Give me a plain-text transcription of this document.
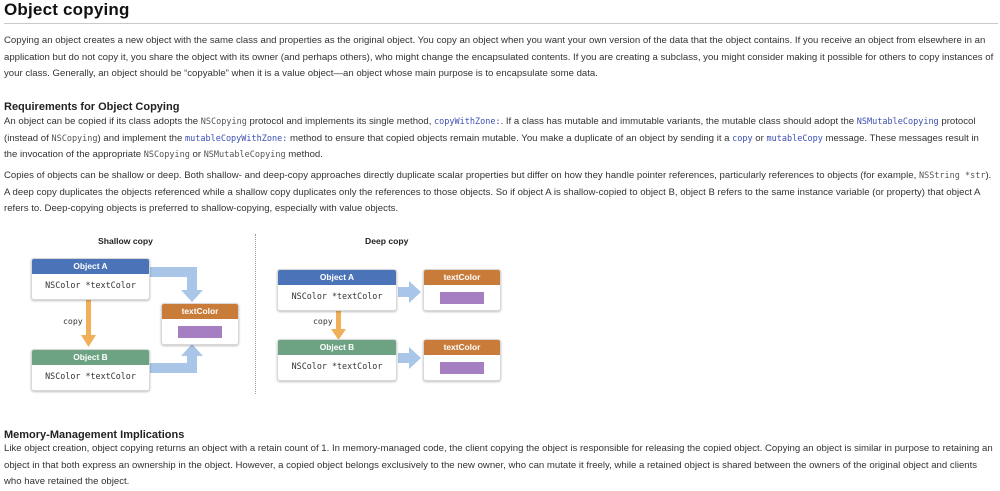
Object copying

Copying an object creates a new object with the same class and properties as the original object. You copy an object when you want your own version of the data that the object contains. If you receive an object from elsewhere in an application but do not copy it, you share the object with its owner (and perhaps others), who might change the encapsulated contents. If you are creating a subclass, you might consider making it possible for others to copy instances of your class. Generally, an object should be “copyable” when it is a value object—an object whose main purpose is to encapsulate some data.

Requirements for Object Copying

An object can be copied if its class adopts the NSCopying protocol and implements its single method, copyWithZone:. If a class has mutable and immutable variants, the mutable class should adopt the NSMutableCopying protocol (instead of NSCopying) and implement the mutableCopyWithZone: method to ensure that copied objects remain mutable. You make a duplicate of an object by sending it a copy or mutableCopy message. These messages result in the invocation of the appropriate NSCopying or NSMutableCopying method.

Copies of objects can be shallow or deep. Both shallow- and deep-copy approaches directly duplicate scalar properties but differ on how they handle pointer references, particularly references to objects (for example, NSString *str). A deep copy duplicates the objects referenced while a shallow copy duplicates only the references to those objects. So if object A is shallow-copied to object B, object B refers to the same instance variable (or property) that object A refers to. Deep-copying objects is preferred to shallow-copying, especially with value objects.

Shallow copy	Deep copy
Object A
NSColor *textColor
copy
Object B
NSColor *textColor
textColor
Object A
NSColor *textColor
copy
Object B
NSColor *textColor
textColor
textColor
Memory-Management Implications

Like object creation, object copying returns an object with a retain count of 1. In memory-managed code, the client copying the object is responsible for releasing the copied object. Copying an object is similar in purpose to retaining an object in that both express an ownership in the object. However, a copied object belongs exclusively to the new owner, who can mutate it freely, while a retained object is shared between the owners of the original object and clients who have retained the object.
